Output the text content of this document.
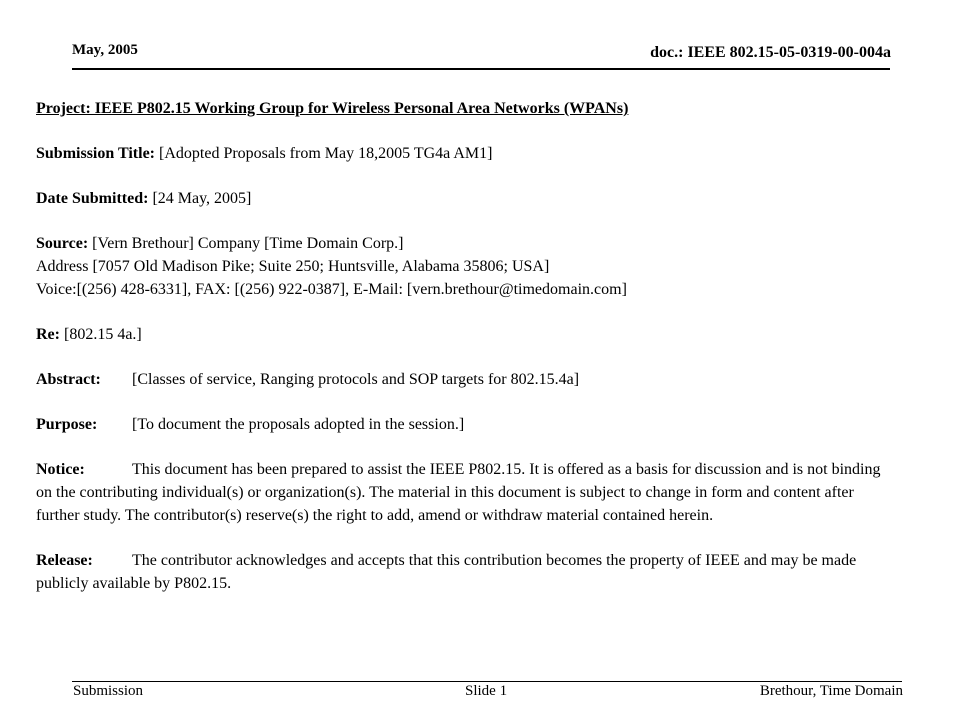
May, 2005	doc.: IEEE 802.15-05-0319-00-004a

Project: IEEE P802.15 Working Group for Wireless Personal Area Networks (WPANs)

Submission Title: [Adopted Proposals from May 18,2005 TG4a AM1]

Date Submitted: [24 May, 2005]

Source: [Vern Brethour] Company [Time Domain Corp.]

Address [7057 Old Madison Pike; Suite 250; Huntsville, Alabama 35806; USA]

Voice:[(256) 428-6331], FAX: [(256) 922-0387], E-Mail: [vern.brethour@timedomain.com]

Re: [802.15 4a.]

Abstract: [Classes of service, Ranging protocols and SOP targets for 802.15.4a]

Purpose: [To document the proposals adopted in the session.]

Notice:	This document has been prepared to assist the IEEE P802.15. It is offered as a basis for discussion and is not binding on the contributing individual(s) or organization(s). The material in this document is subject to change in form and content after further study. The contributor(s) reserve(s) the right to add, amend or withdraw material contained herein.

Release: The contributor acknowledges and accepts that this contribution becomes the property of IEEE and may be made publicly available by P802.15.

Submission	Slide 1	Brethour, Time Domain
